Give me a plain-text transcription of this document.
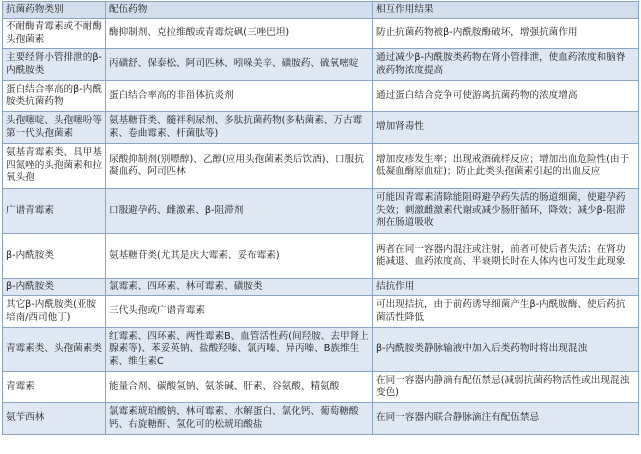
抗菌药物类别	配伍药物	相互作用结果
不耐酶青霉素或不耐酶头孢菌素	酶抑制剂、克拉维酸或青霉烷砜(三唑巴坦)	防止抗菌药物被β-内酰胺酶破坏，增强抗菌作用
主要经肾小管排泄的β-内酰胺类	丙磺舒、保泰松、阿司匹林、吲哚美辛、磺胺药、硫氧嘧啶	通过减少β-内酰胺类药物在肾小管排泄，使血药浓度和脑脊液药物浓度提高
蛋白结合率高的β-内酰胺类抗菌药物	蛋白结合率高的非甾体抗炎剂	通过蛋白结合竞争可使游离抗菌药物的浓度增高
头孢噻啶、头孢噻吩等第一代头孢菌素	氨基糖苷类、髓袢利尿剂、多肽抗菌药物(多粘菌素、万古霉素、卷曲霉素、杆菌肽等)	增加肾毒性
氨基青霉素类、具甲基四氮唑的头孢菌素和拉氧头孢	尿酸抑制剂(别嘌醇)、乙醇(应用头孢菌素类后饮酒)、口服抗凝血药、阿司匹林	增加皮疹发生率；出现戒酒硫样反应；增加出血危险性(由于低凝血酶原血症)；防止此类头孢菌素引起的出血反应
广谱青霉素	口服避孕药、雌激素、β-阻滞剂	可能因青霉素清除能阻碍避孕药失活的肠道细菌，使避孕药失效；刺激雌激素代谢或减少肠肝循环，降效；减少β-阻滞剂在肠道吸收
β-内酰胺类	氨基糖苷类(尤其是庆大霉素、妥布霉素)	两者在同一容器内混注或注射，前者可使后者失活；在肾功能减退、血药浓度高、半衰期长时在人体内也可发生此现象
β-内酰胺类	氯霉素、四环素、林可霉素、磺胺类	拮抗作用
其它β-内酰胺类(亚胺培南/西司他丁)	三代头孢或广谱青霉素	可出现拮抗，由于前药诱导细菌产生β-内酰胺酶、使后药抗菌活性降低
青霉素类、头孢菌素类	红霉素、四环素、两性霉素B、血管活性药(间羟胺、去甲肾上腺素等)、苯妥英钠、盐酸羟嗪、氯丙嗪、异丙嗪、B族维生素、维生素C	β-内酰胺类静脉输液中加入后类药物时将出现混浊
青霉素	能量合剂、碳酸氢钠、氨茶碱、肝素、谷氨酸、精氨酸	在同一容器内静滴有配伍禁忌(减弱抗菌药物活性或出现混浊变色)
氨苄西林	氯霉素琥珀酸钠、林可霉素、水解蛋白、氯化钙、葡萄糖酸钙、右旋糖酐、氢化可的松琥珀酸盐	在同一容器内联合静脉滴注有配伍禁忌
